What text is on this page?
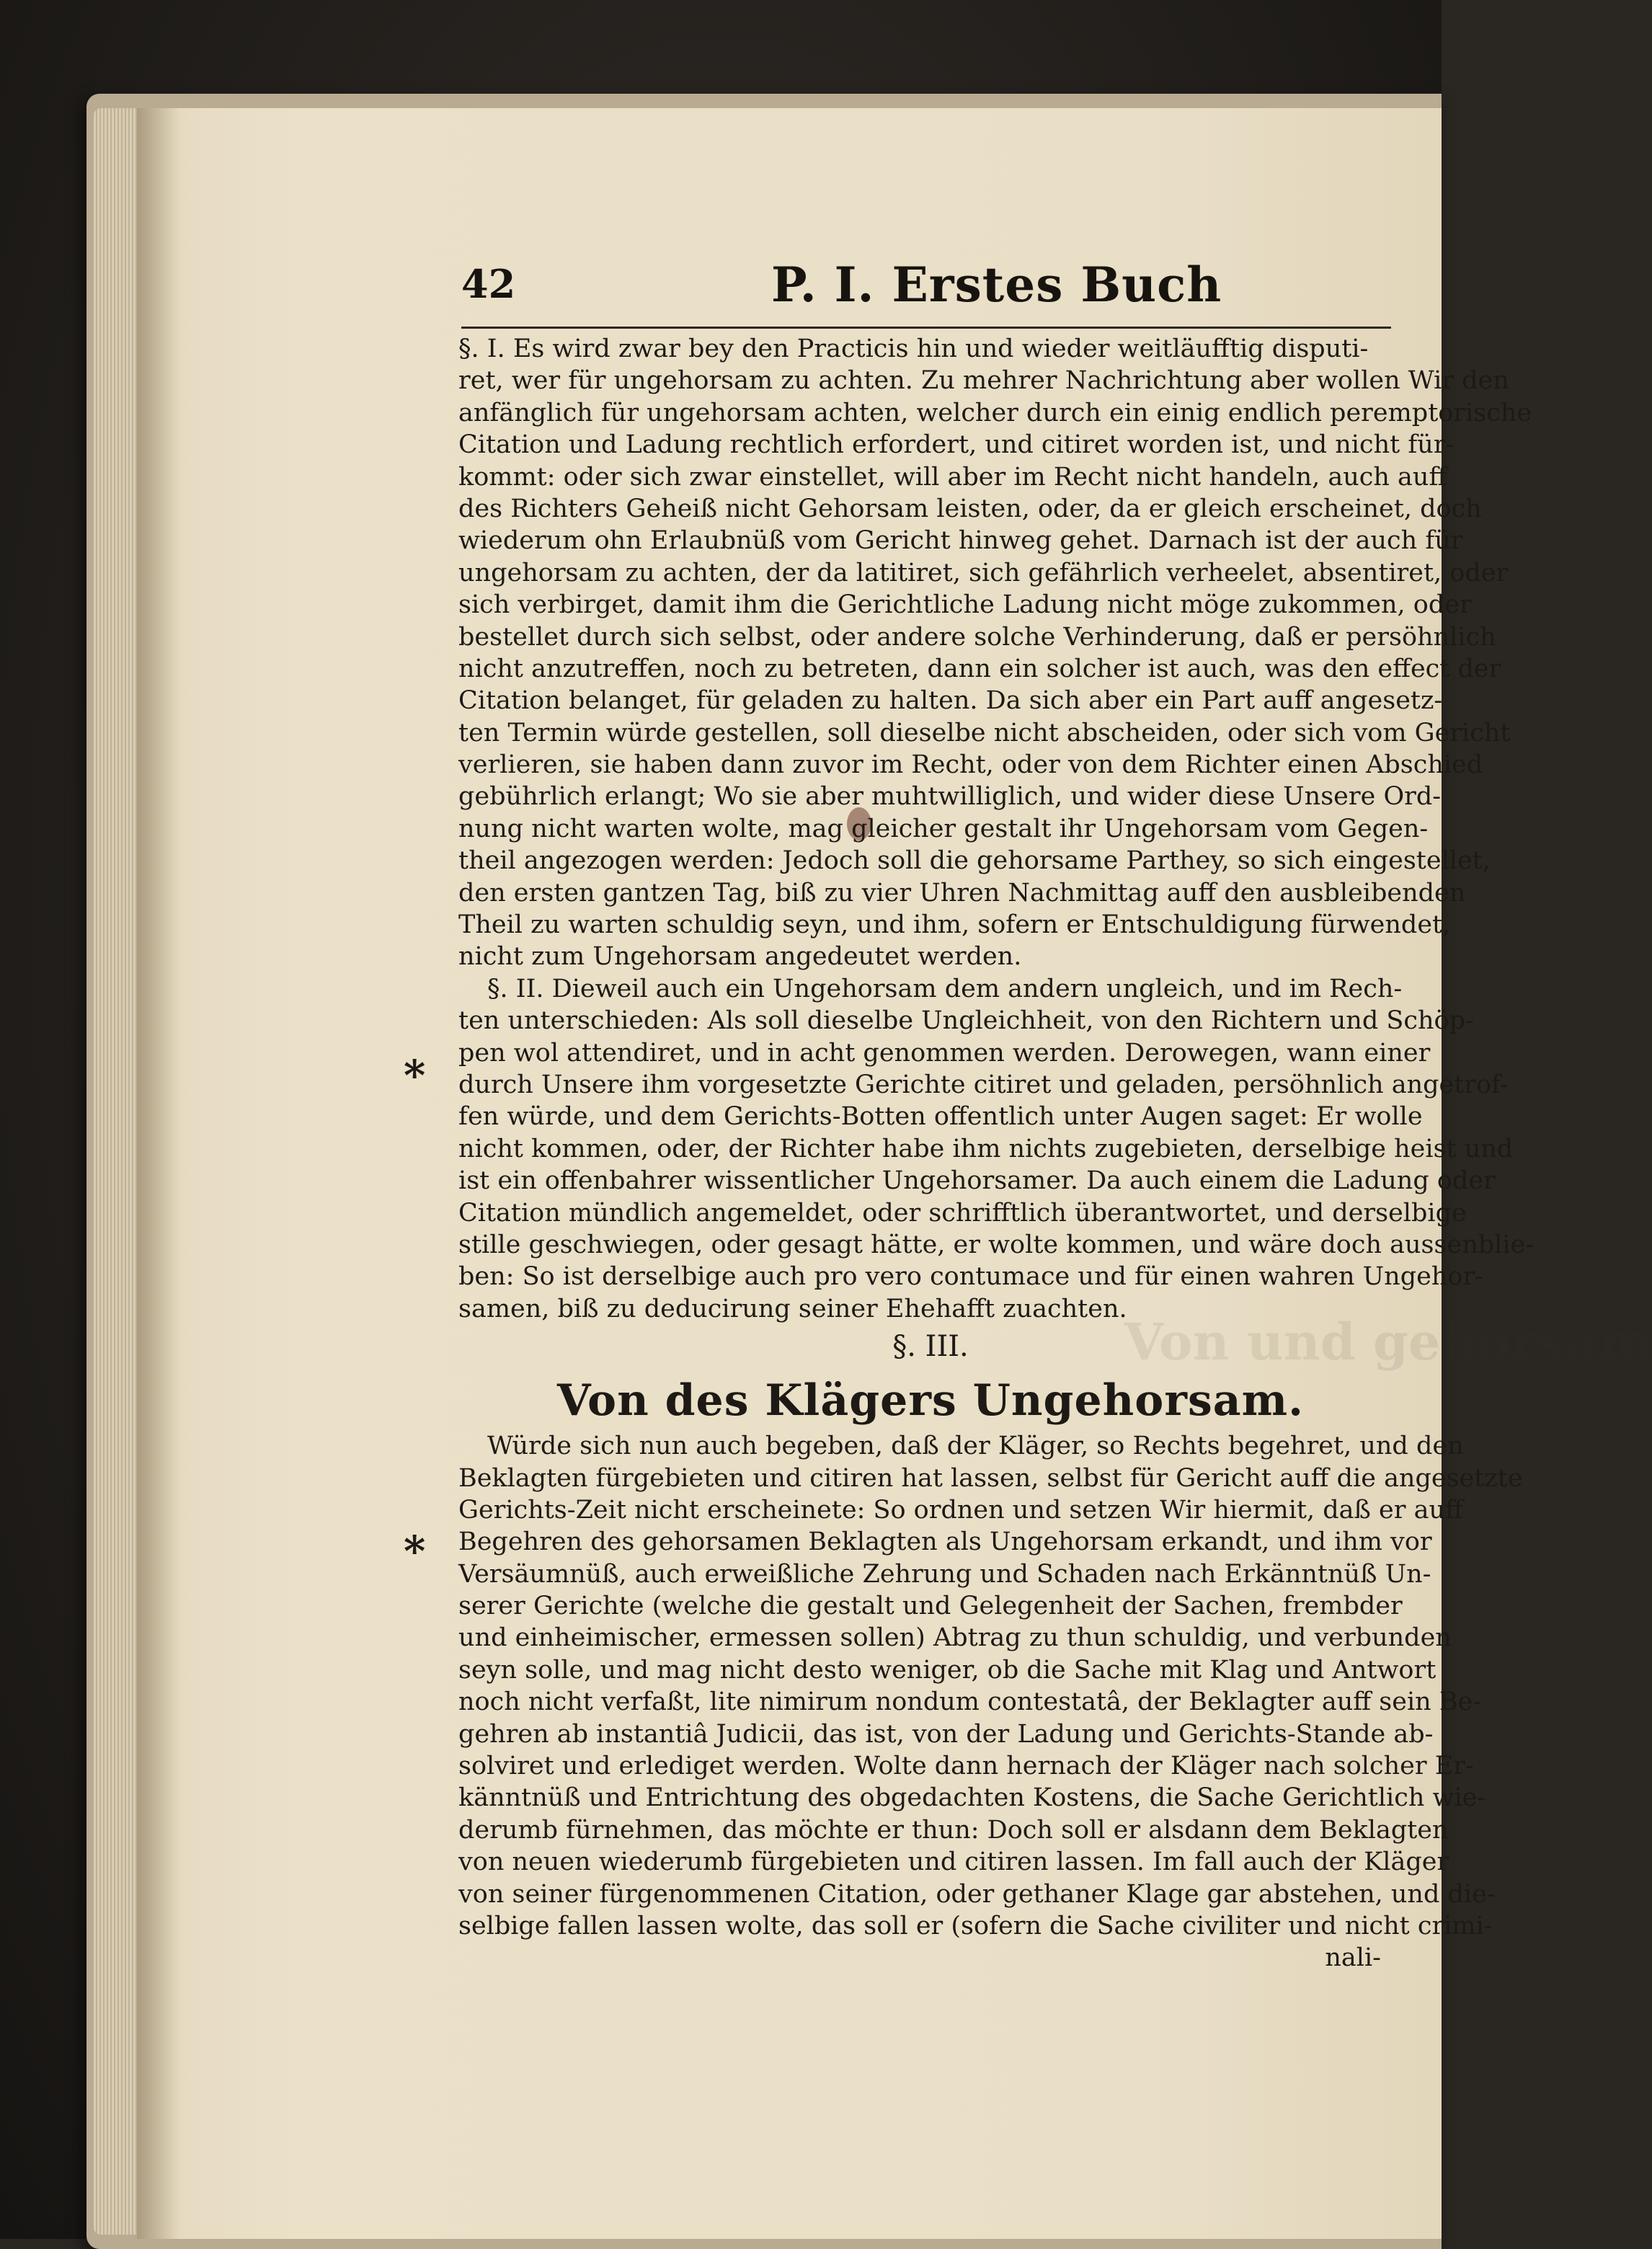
Von und gehorsam
42	P. I. Erstes Buch
§. I. Es wird zwar bey den Practicis hin und wieder weitläufftig disputi-
ret, wer für ungehorsam zu achten. Zu mehrer Nachrichtung aber wollen Wir den
anfänglich für ungehorsam achten, welcher durch ein einig endlich peremptorische
Citation und Ladung rechtlich erfordert, und citiret worden ist, und nicht für-
kommt: oder sich zwar einstellet, will aber im Recht nicht handeln, auch auff
des Richters Geheiß nicht Gehorsam leisten, oder, da er gleich erscheinet, doch
wiederum ohn Erlaubnüß vom Gericht hinweg gehet. Darnach ist der auch für
ungehorsam zu achten, der da latitiret, sich gefährlich verheelet, absentiret, oder
sich verbirget, damit ihm die Gerichtliche Ladung nicht möge zukommen, oder
bestellet durch sich selbst, oder andere solche Verhinderung, daß er persöhnlich
nicht anzutreffen, noch zu betreten, dann ein solcher ist auch, was den effect der
Citation belanget, für geladen zu halten. Da sich aber ein Part auff angesetz-
ten Termin würde gestellen, soll dieselbe nicht abscheiden, oder sich vom Gericht
verlieren, sie haben dann zuvor im Recht, oder von dem Richter einen Abschied
gebührlich erlangt; Wo sie aber muhtwilliglich, und wider diese Unsere Ord-
nung nicht warten wolte, mag gleicher gestalt ihr Ungehorsam vom Gegen-
theil angezogen werden: Jedoch soll die gehorsame Parthey, so sich eingestellet,
den ersten gantzen Tag, biß zu vier Uhren Nachmittag auff den ausbleibenden
Theil zu warten schuldig seyn, und ihm, sofern er Entschuldigung fürwendet,
nicht zum Ungehorsam angedeutet werden.
§. II. Dieweil auch ein Ungehorsam dem andern ungleich, und im Rech-
ten unterschieden: Als soll dieselbe Ungleichheit, von den Richtern und Schöp-
pen wol attendiret, und in acht genommen werden. Derowegen, wann einer
durch Unsere ihm vorgesetzte Gerichte citiret und geladen, persöhnlich angetrof-
fen würde, und dem Gerichts-Botten offentlich unter Augen saget: Er wolle
nicht kommen, oder, der Richter habe ihm nichts zugebieten, derselbige heist und
ist ein offenbahrer wissentlicher Ungehorsamer. Da auch einem die Ladung oder
Citation mündlich angemeldet, oder schrifftlich überantwortet, und derselbige
stille geschwiegen, oder gesagt hätte, er wolte kommen, und wäre doch aussenblie-
ben: So ist derselbige auch pro vero contumace und für einen wahren Ungehor-
samen, biß zu deducirung seiner Ehehafft zuachten.
§. III.
Von des Klägers Ungehorsam.
Würde sich nun auch begeben, daß der Kläger, so Rechts begehret, und den
Beklagten fürgebieten und citiren hat lassen, selbst für Gericht auff die angesetzte
Gerichts-Zeit nicht erscheinete: So ordnen und setzen Wir hiermit, daß er auff
Begehren des gehorsamen Beklagten als Ungehorsam erkandt, und ihm vor
Versäumnüß, auch erweißliche Zehrung und Schaden nach Erkänntnüß Un-
serer Gerichte (welche die gestalt und Gelegenheit der Sachen, frembder
und einheimischer, ermessen sollen) Abtrag zu thun schuldig, und verbunden
seyn solle, und mag nicht desto weniger, ob die Sache mit Klag und Antwort
noch nicht verfaßt, lite nimirum nondum contestatâ, der Beklagter auff sein Be-
gehren ab instantiâ Judicii, das ist, von der Ladung und Gerichts-Stande ab-
solviret und erlediget werden. Wolte dann hernach der Kläger nach solcher Er-
känntnüß und Entrichtung des obgedachten Kostens, die Sache Gerichtlich wie-
derumb fürnehmen, das möchte er thun: Doch soll er alsdann dem Beklagten
von neuen wiederumb fürgebieten und citiren lassen. Im fall auch der Kläger
von seiner fürgenommenen Citation, oder gethaner Klage gar abstehen, und die-
selbige fallen lassen wolte, das soll er (sofern die Sache civiliter und nicht crimi-
nali-
*
*
